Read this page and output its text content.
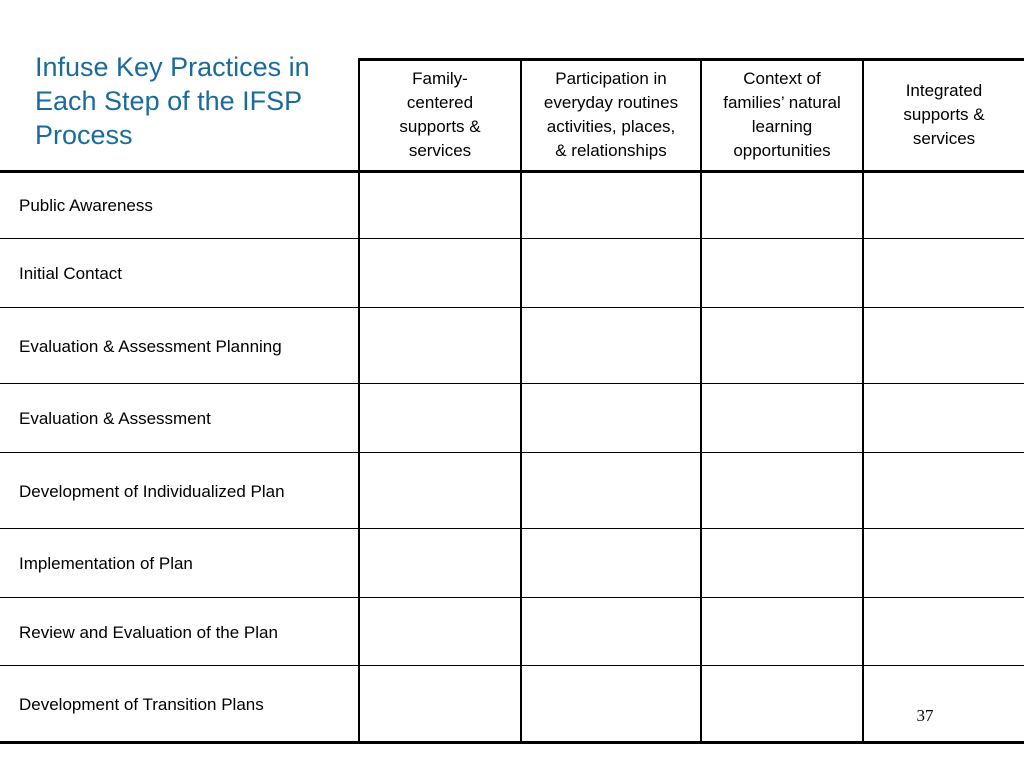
Infuse Key Practices in
Each Step of the IFSP
Process
Family-
centered
supports &
services
Participation in
everyday routines
activities, places,
& relationships
Context of
families’ natural
learning
opportunities
Integrated
supports &
services
Public Awareness
Initial Contact
Evaluation & Assessment Planning
Evaluation & Assessment
Development of Individualized Plan
Implementation of Plan
Review and Evaluation of the Plan
Development of Transition Plans
37
